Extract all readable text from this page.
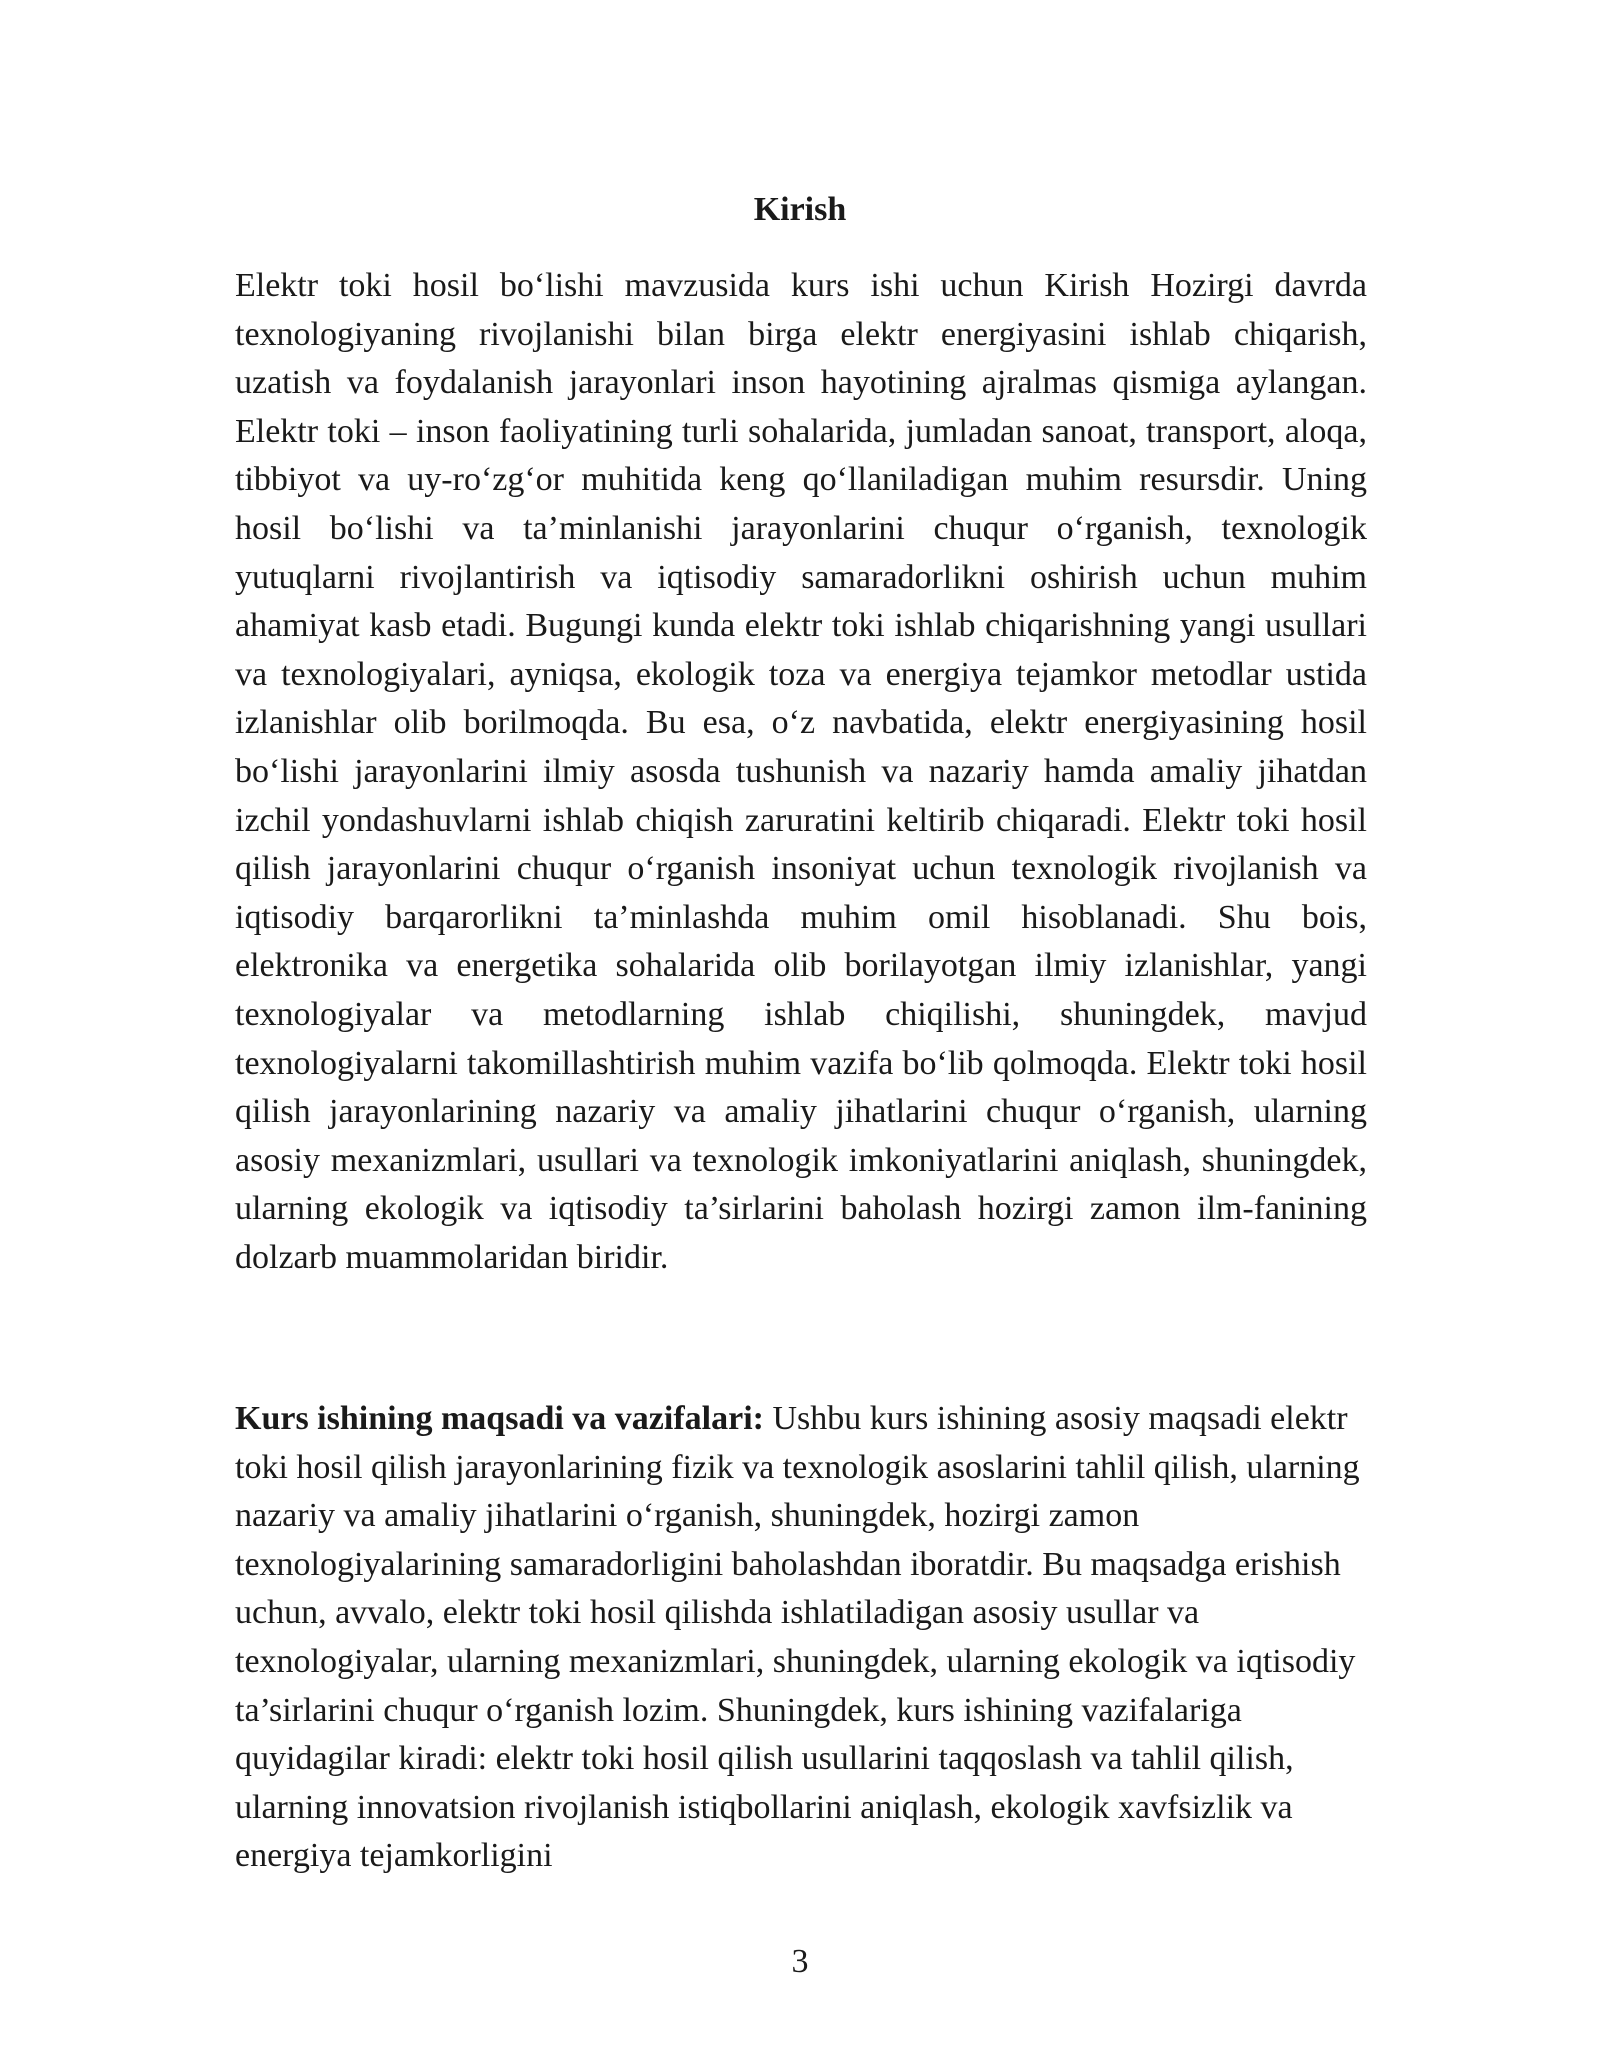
Kirish

Elektr toki hosil bo‘lishi mavzusida kurs ishi uchun Kirish Hozirgi davrda texnologiyaning rivojlanishi bilan birga elektr energiyasini ishlab chiqarish, uzatish va foydalanish jarayonlari inson hayotining ajralmas qismiga aylangan. Elektr toki – inson faoliyatining turli sohalarida, jumladan sanoat, transport, aloqa, tibbiyot va uy-ro‘zg‘or muhitida keng qo‘llaniladigan muhim resursdir. Uning hosil bo‘lishi va ta’minlanishi jarayonlarini chuqur o‘rganish, texnologik yutuqlarni rivojlantirish va iqtisodiy samaradorlikni oshirish uchun muhim ahamiyat kasb etadi. Bugungi kunda elektr toki ishlab chiqarishning yangi usullari va texnologiyalari, ayniqsa, ekologik toza va energiya tejamkor metodlar ustida izlanishlar olib borilmoqda. Bu esa, o‘z navbatida, elektr energiyasining hosil bo‘lishi jarayonlarini ilmiy asosda tushunish va nazariy hamda amaliy jihatdan izchil yondashuvlarni ishlab chiqish zaruratini keltirib chiqaradi. Elektr toki hosil qilish jarayonlarini chuqur o‘rganish insoniyat uchun texnologik rivojlanish va iqtisodiy barqarorlikni ta’minlashda muhim omil hisoblanadi. Shu bois, elektronika va energetika sohalarida olib borilayotgan ilmiy izlanishlar, yangi texnologiyalar va metodlarning ishlab chiqilishi, shuningdek, mavjud texnologiyalarni takomillashtirish muhim vazifa bo‘lib qolmoqda. Elektr toki hosil qilish jarayonlarining nazariy va amaliy jihatlarini chuqur o‘rganish, ularning asosiy mexanizmlari, usullari va texnologik imkoniyatlarini aniqlash, shuningdek, ularning ekologik va iqtisodiy ta’sirlarini baholash hozirgi zamon ilm-fanining dolzarb muammolaridan biridir.

Kurs ishining maqsadi va vazifalari: Ushbu kurs ishining asosiy maqsadi elektr toki hosil qilish jarayonlarining fizik va texnologik asoslarini tahlil qilish, ularning nazariy va amaliy jihatlarini o‘rganish, shuningdek, hozirgi zamon texnologiyalarining samaradorligini baholashdan iboratdir. Bu maqsadga erishish uchun, avvalo, elektr toki hosil qilishda ishlatiladigan asosiy usullar va texnologiyalar, ularning mexanizmlari, shuningdek, ularning ekologik va iqtisodiy ta’sirlarini chuqur o‘rganish lozim. Shuningdek, kurs ishining vazifalariga quyidagilar kiradi: elektr toki hosil qilish usullarini taqqoslash va tahlil qilish, ularning innovatsion rivojlanish istiqbollarini aniqlash, ekologik xavfsizlik va energiya tejamkorligini

3
